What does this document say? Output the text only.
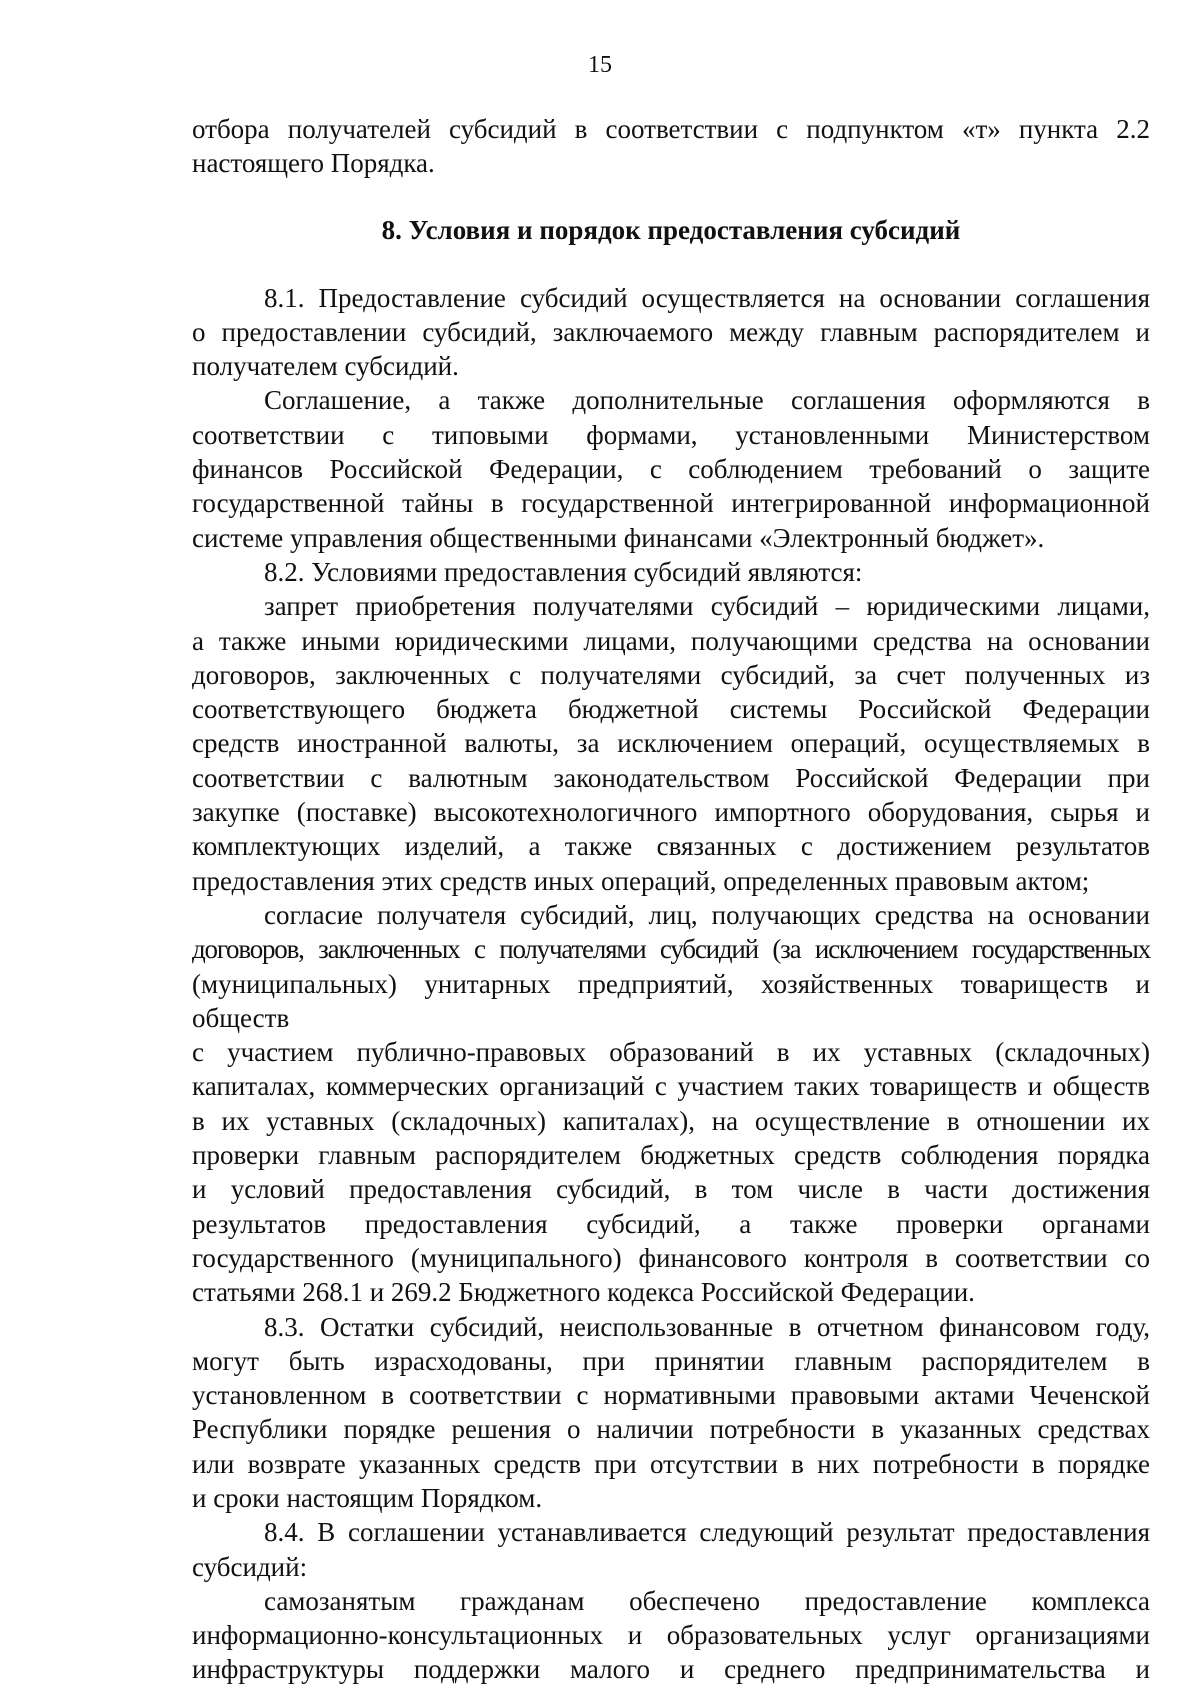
15
отбора получателей субсидий в соответствии с подпунктом «т» пункта 2.2
настоящего Порядка.
8. Условия и порядок предоставления субсидий
8.1. Предоставление субсидий осуществляется на основании соглашения
о предоставлении субсидий, заключаемого между главным распорядителем и
получателем субсидий.
Соглашение, а также дополнительные соглашения оформляются в
соответствии с типовыми формами, установленными Министерством
финансов Российской Федерации, с соблюдением требований о защите
государственной тайны в государственной интегрированной информационной
системе управления общественными финансами «Электронный бюджет».
8.2. Условиями предоставления субсидий являются:
запрет приобретения получателями субсидий – юридическими лицами,
а также иными юридическими лицами, получающими средства на основании
договоров, заключенных с получателями субсидий, за счет полученных из
соответствующего бюджета бюджетной системы Российской Федерации
средств иностранной валюты, за исключением операций, осуществляемых в
соответствии с валютным законодательством Российской Федерации при
закупке (поставке) высокотехнологичного импортного оборудования, сырья и
комплектующих изделий, а также связанных с достижением результатов
предоставления этих средств иных операций, определенных правовым актом;
согласие получателя субсидий, лиц, получающих средства на основании
договоров, заключенных с получателями субсидий (за исключением государственных
(муниципальных) унитарных предприятий, хозяйственных товариществ и обществ
с участием публично-правовых образований в их уставных (складочных)
капиталах, коммерческих организаций с участием таких товариществ и обществ
в их уставных (складочных) капиталах), на осуществление в отношении их
проверки главным распорядителем бюджетных средств соблюдения порядка
и условий предоставления субсидий, в том числе в части достижения
результатов предоставления субсидий, а также проверки органами
государственного (муниципального) финансового контроля в соответствии со
статьями 268.1 и 269.2 Бюджетного кодекса Российской Федерации.
8.3. Остатки субсидий, неиспользованные в отчетном финансовом году,
могут быть израсходованы, при принятии главным распорядителем в
установленном в соответствии с нормативными правовыми актами Чеченской
Республики порядке решения о наличии потребности в указанных средствах
или возврате указанных средств при отсутствии в них потребности в порядке
и сроки настоящим Порядком.
8.4. В соглашении устанавливается следующий результат предоставления
субсидий:
самозанятым гражданам обеспечено предоставление комплекса
информационно-консультационных и образовательных услуг организациями
инфраструктуры поддержки малого и среднего предпринимательства и
